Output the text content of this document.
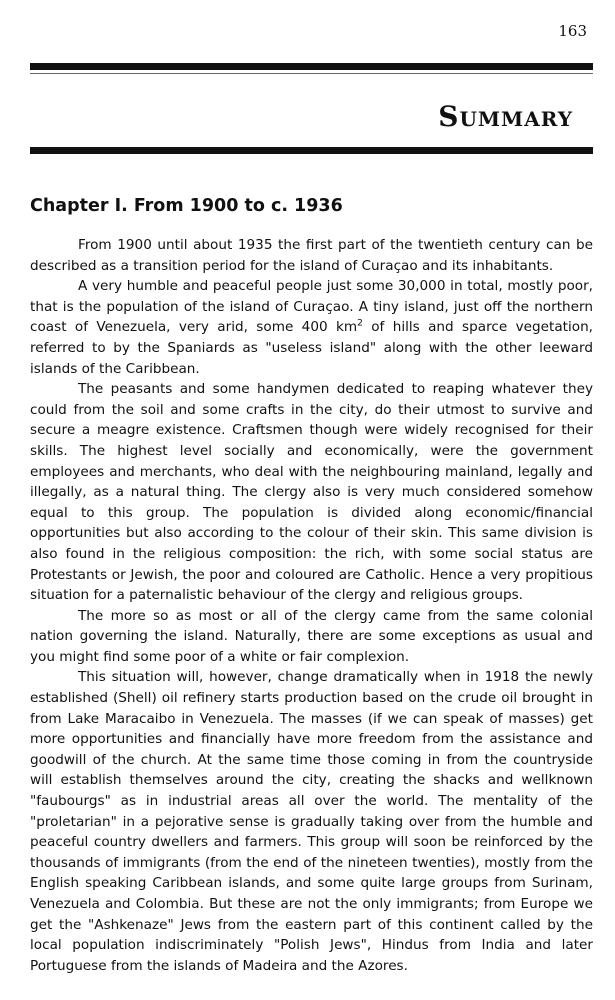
163
Summary
Chapter I. From 1900 to c. 1936

From 1900 until about 1935 the first part of the twentieth century can be described as a transition period for the island of Curaçao and its inhabitants.

A very humble and peaceful people just some 30,000 in total, mostly poor, that is the population of the island of Curaçao. A tiny island, just off the northern coast of Venezuela, very arid, some 400 $km^2$ of hills and sparce vegetation, referred to by the Spaniards as "useless island" along with the other leeward islands of the Caribbean.

The peasants and some handymen dedicated to reaping whatever they could from the soil and some crafts in the city, do their utmost to survive and secure a meagre existence. Craftsmen though were widely recognised for their skills. The highest level socially and economically, were the government employees and merchants, who deal with the neighbouring mainland, legally and illegally, as a natural thing. The clergy also is very much considered somehow equal to this group. The population is divided along economic/financial opportunities but also according to the colour of their skin. This same division is also found in the religious composition: the rich, with some social status are Protestants or Jewish, the poor and coloured are Catholic. Hence a very propitious situation for a paternalistic behaviour of the clergy and religious groups.

The more so as most or all of the clergy came from the same colonial nation governing the island. Naturally, there are some exceptions as usual and you might find some poor of a white or fair complexion.

This situation will, however, change dramatically when in 1918 the newly established (Shell) oil refinery starts production based on the crude oil brought in from Lake Maracaibo in Venezuela. The masses (if we can speak of masses) get more opportunities and financially have more freedom from the assistance and goodwill of the church. At the same time those coming in from the countryside will establish themselves around the city, creating the shacks and wellknown "faubourgs" as in industrial areas all over the world. The mentality of the "proletarian" in a pejorative sense is gradually taking over from the humble and peaceful country dwellers and farmers. This group will soon be reinforced by the thousands of immigrants (from the end of the nineteen twenties), mostly from the English speaking Caribbean islands, and some quite large groups from Surinam, Venezuela and Colombia. But these are not the only immigrants; from Europe we get the "Ashkenaze" Jews from the eastern part of this continent called by the local population indiscriminately "Polish Jews", Hindus from India and later Portuguese from the islands of Madeira and the Azores.
